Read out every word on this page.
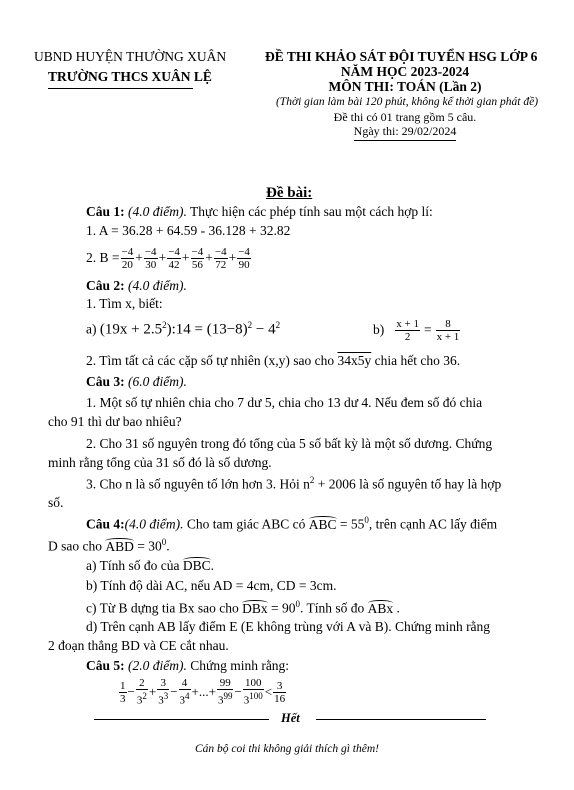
UBND HUYỆN THƯỜNG XUÂN
TRƯỜNG THCS XUÂN LỆ
ĐỀ THI KHẢO SÁT ĐỘI TUYỂN HSG LỚP 6
NĂM HỌC 2023-2024
MÔN THI: TOÁN (Lần 2)
(Thời gian làm bài 120 phút, không kể thời gian phát đề)
Đề thi có 01 trang gồm 5 câu.
Ngày thi: 29/02/2024
Đề bài:
Câu 1: (4.0 điểm). Thực hiện các phép tính sau một cách hợp lí:
1. A = 36.28 + 64.59 - 36.128 + 32.82
2. $B = \frac{-4}{20} + \frac{-4}{30} + \frac{-4}{42} + \frac{-4}{56} + \frac{-4}{72} + \frac{-4}{90}$
Câu 2: (4.0 điểm).
1. Tìm x, biết:
a) $(19x + 2.5^2):14 = (13-8)^2 - 4^2$	$b) \frac{x + 1}{2} = \frac{8}{x + 1}$
2. Tìm tất cả các cặp số tự nhiên (x,y) sao cho 34x5y chia hết cho 36.
Câu 3: (6.0 điểm).
1. Một số tự nhiên chia cho 7 dư 5, chia cho 13 dư 4. Nếu đem số đó chia
cho 91 thì dư bao nhiêu?
2. Cho 31 số nguyên trong đó tổng của 5 số bất kỳ là một số dương. Chứng
minh rằng tổng của 31 số đó là số dương.
3. Cho n là số nguyên tố lớn hơn 3. Hỏi $n^2 + 2006$ là số nguyên tố hay là hợp
số.
Câu 4:(4.0 điểm). Cho tam giác ABC có ABC = $55^0$, trên cạnh AC lấy điểm
D sao cho ABD = $30^0$.
a) Tính số đo của DBC.
b) Tính độ dài AC, nếu AD = 4cm, CD = 3cm.
c) Từ B dựng tia Bx sao cho DBx = $90^0$. Tính số đo ABx .
d) Trên cạnh AB lấy điểm E (E không trùng với A và B). Chứng minh rằng
2 đoạn thẳng BD và CE cắt nhau.
Câu 5: (2.0 điểm). Chứng minh rằng:
$\frac{1}{3} - \frac{2}{3^2} + \frac{3}{3^3} - \frac{4}{3^4}$ +...+ $\frac{99}{3^{99}} - \frac{100}{3^{100}} < \frac{3}{16}$
Hết
Cán bộ coi thi không giải thích gì thêm!
